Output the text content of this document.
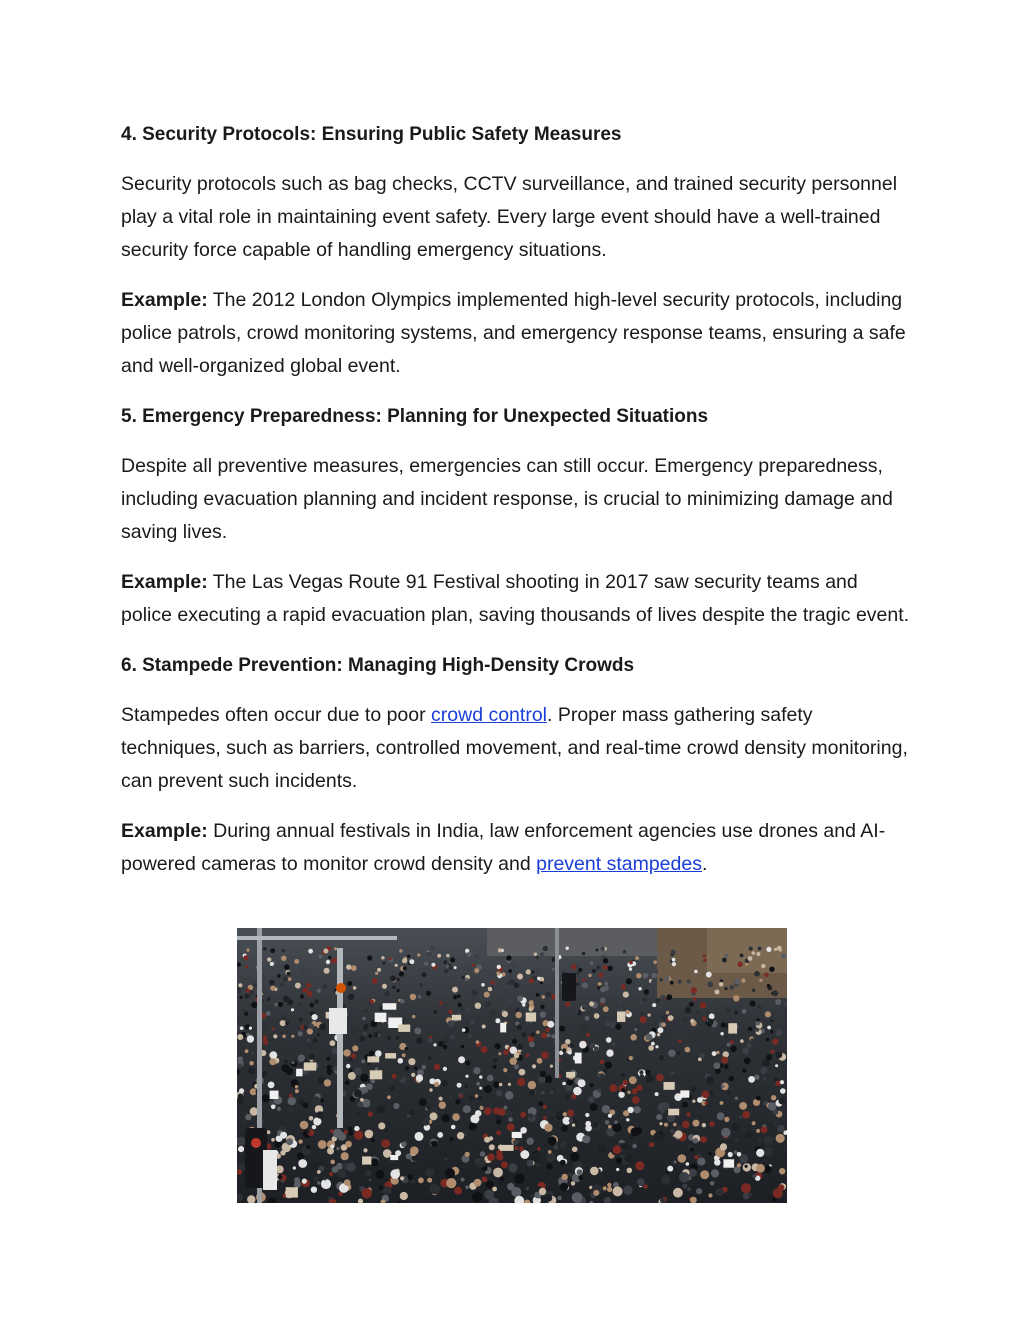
4. Security Protocols: Ensuring Public Safety Measures
Security protocols such as bag checks, CCTV surveillance, and trained security personnel play a vital role in maintaining event safety. Every large event should have a well-trained security force capable of handling emergency situations.
Example: The 2012 London Olympics implemented high-level security protocols, including police patrols, crowd monitoring systems, and emergency response teams, ensuring a safe and well-organized global event.
5. Emergency Preparedness: Planning for Unexpected Situations
Despite all preventive measures, emergencies can still occur. Emergency preparedness, including evacuation planning and incident response, is crucial to minimizing damage and saving lives.
Example: The Las Vegas Route 91 Festival shooting in 2017 saw security teams and police executing a rapid evacuation plan, saving thousands of lives despite the tragic event.
6. Stampede Prevention: Managing High-Density Crowds
Stampedes often occur due to poor crowd control. Proper mass gathering safety techniques, such as barriers, controlled movement, and real-time crowd density monitoring, can prevent such incidents.
Example: During annual festivals in India, law enforcement agencies use drones and AI-powered cameras to monitor crowd density and prevent stampedes.
